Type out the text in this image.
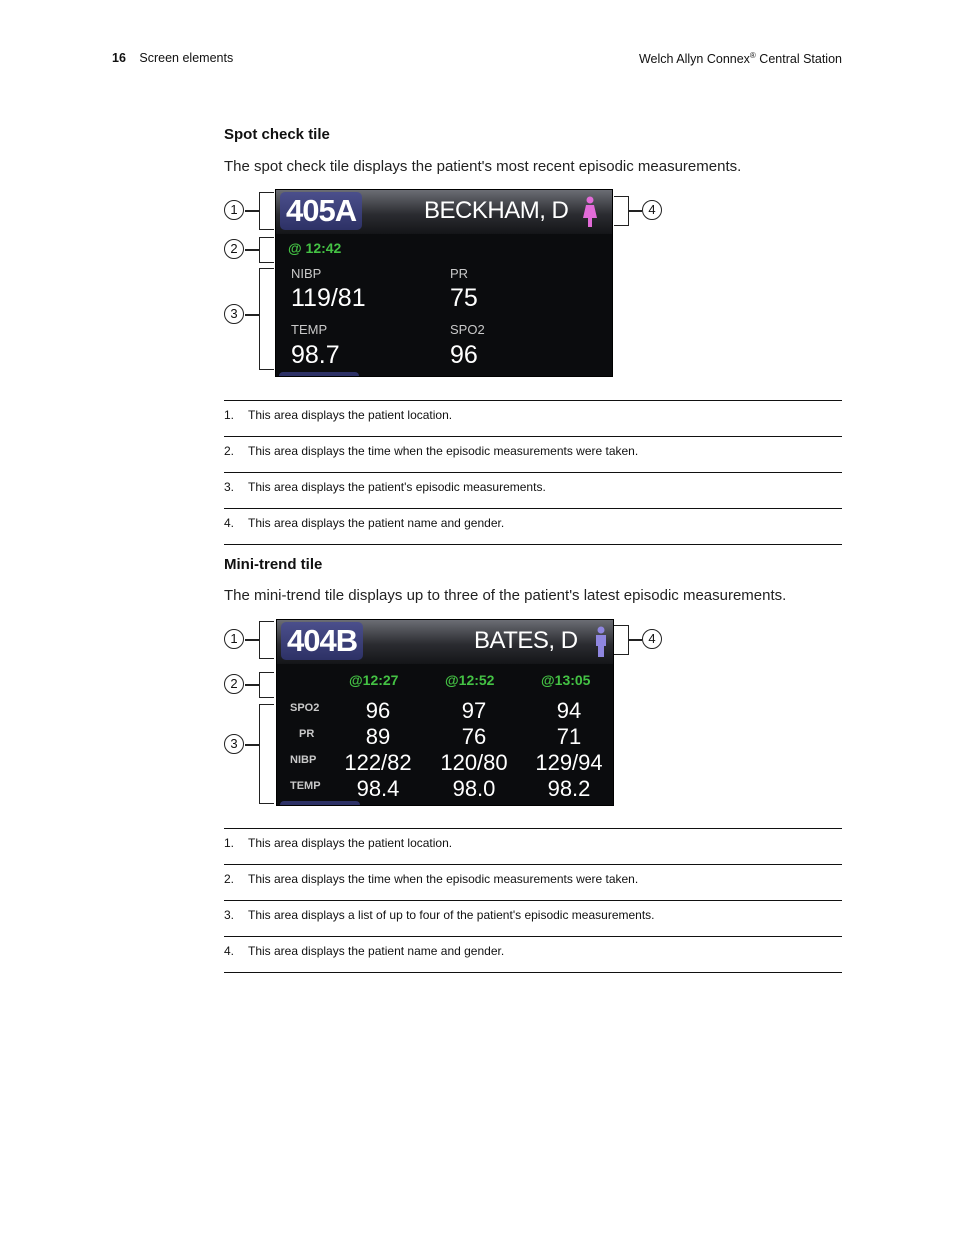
16 Screen elements	Welch Allyn Connex® Central Station
Spot check tile
The spot check tile displays the patient's most recent episodic measurements.
405A	BECKHAM, D
@ 12:42
NIBP
119/81
PR
75
TEMP
98.7
SPO2
96
1
2
3
4
1. This area displays the patient location.
2. This area displays the time when the episodic measurements were taken.
3. This area displays the patient's episodic measurements.
4. This area displays the patient name and gender.
Mini-trend tile
The mini-trend tile displays up to three of the patient's latest episodic measurements.
404B	BATES, D
@12:27	@12:52	@13:05
SPO2	96	97	94
PR	89	76	71
NIBP 122/82 120/80 129/94
TEMP	98.4	98.0	98.2
1
2
3
4
1. This area displays the patient location.
2. This area displays the time when the episodic measurements were taken.
3. This area displays a list of up to four of the patient's episodic measurements.
4. This area displays the patient name and gender.
